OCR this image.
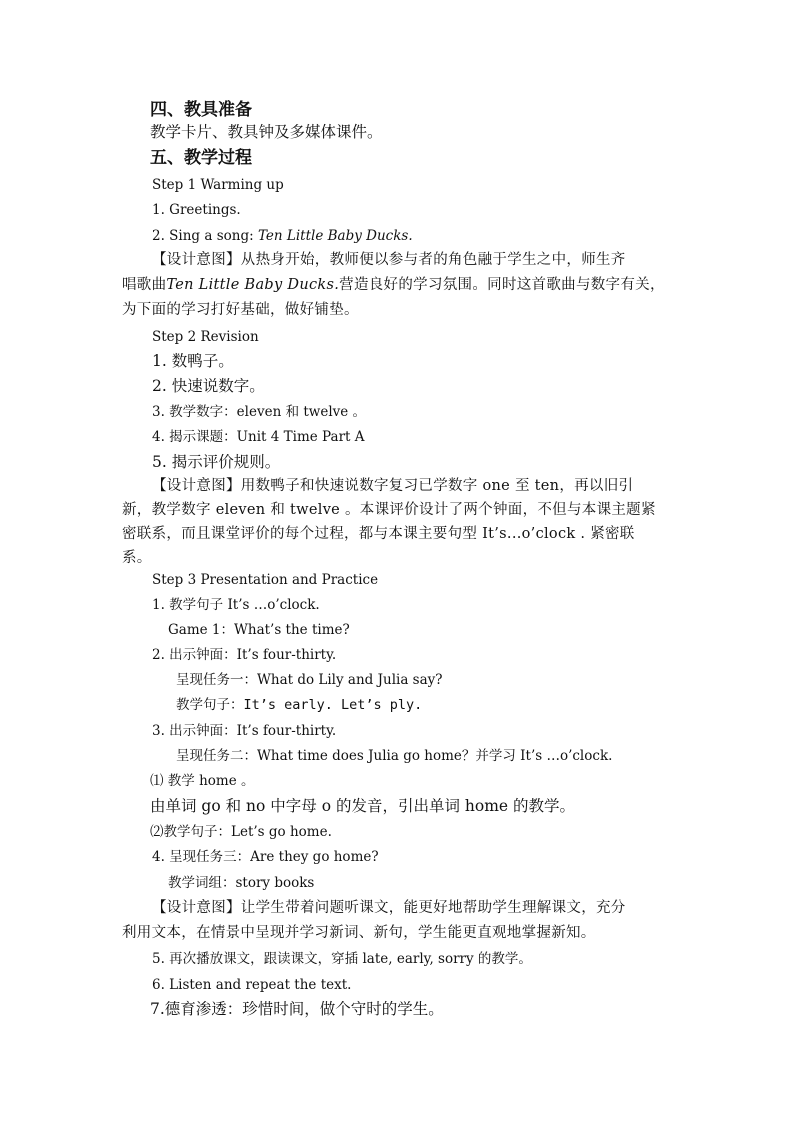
四、教具准备
教学卡片、教具钟及多媒体课件。
五、教学过程
Step 1 Warming up
1. Greetings.
2. Sing a song: Ten Little Baby Ducks.
【设计意图】从热身开始，教师便以参与者的角色融于学生之中，师生齐
唱歌曲Ten Little Baby Ducks.营造良好的学习氛围。同时这首歌曲与数字有关，
为下面的学习打好基础，做好铺垫。
Step 2 Revision
1. 数鸭子。
2. 快速说数字。
3. 教学数字：eleven 和 twelve 。
4. 揭示课题：Unit 4 Time Part A
5. 揭示评价规则。
【设计意图】用数鸭子和快速说数字复习已学数字 one 至 ten，再以旧引
新，教学数字 eleven 和 twelve 。本课评价设计了两个钟面，不但与本课主题紧
密联系，而且课堂评价的每个过程，都与本课主要句型 It’s...o’clock . 紧密联
系。
Step 3 Presentation and Practice
1. 教学句子 It’s …o’clock.
Game 1：What’s the time?
2. 出示钟面：It’s four-thirty.
呈现任务一：What do Lily and Julia say?
教学句子：It’s early. Let’s ply.
3. 出示钟面：It’s four-thirty.
呈现任务二：What time does Julia go home？并学习 It’s …o’clock.
⑴ 教学 home 。
由单词 go 和 no 中字母 o 的发音，引出单词 home 的教学。
⑵教学句子：Let’s go home.
4. 呈现任务三：Are they go home?
教学词组：story books
【设计意图】让学生带着问题听课文，能更好地帮助学生理解课文，充分
利用文本，在情景中呈现并学习新词、新句，学生能更直观地掌握新知。
5. 再次播放课文，跟读课文，穿插 late, early, sorry 的教学。
6. Listen and repeat the text.
7.德育渗透：珍惜时间，做个守时的学生。
